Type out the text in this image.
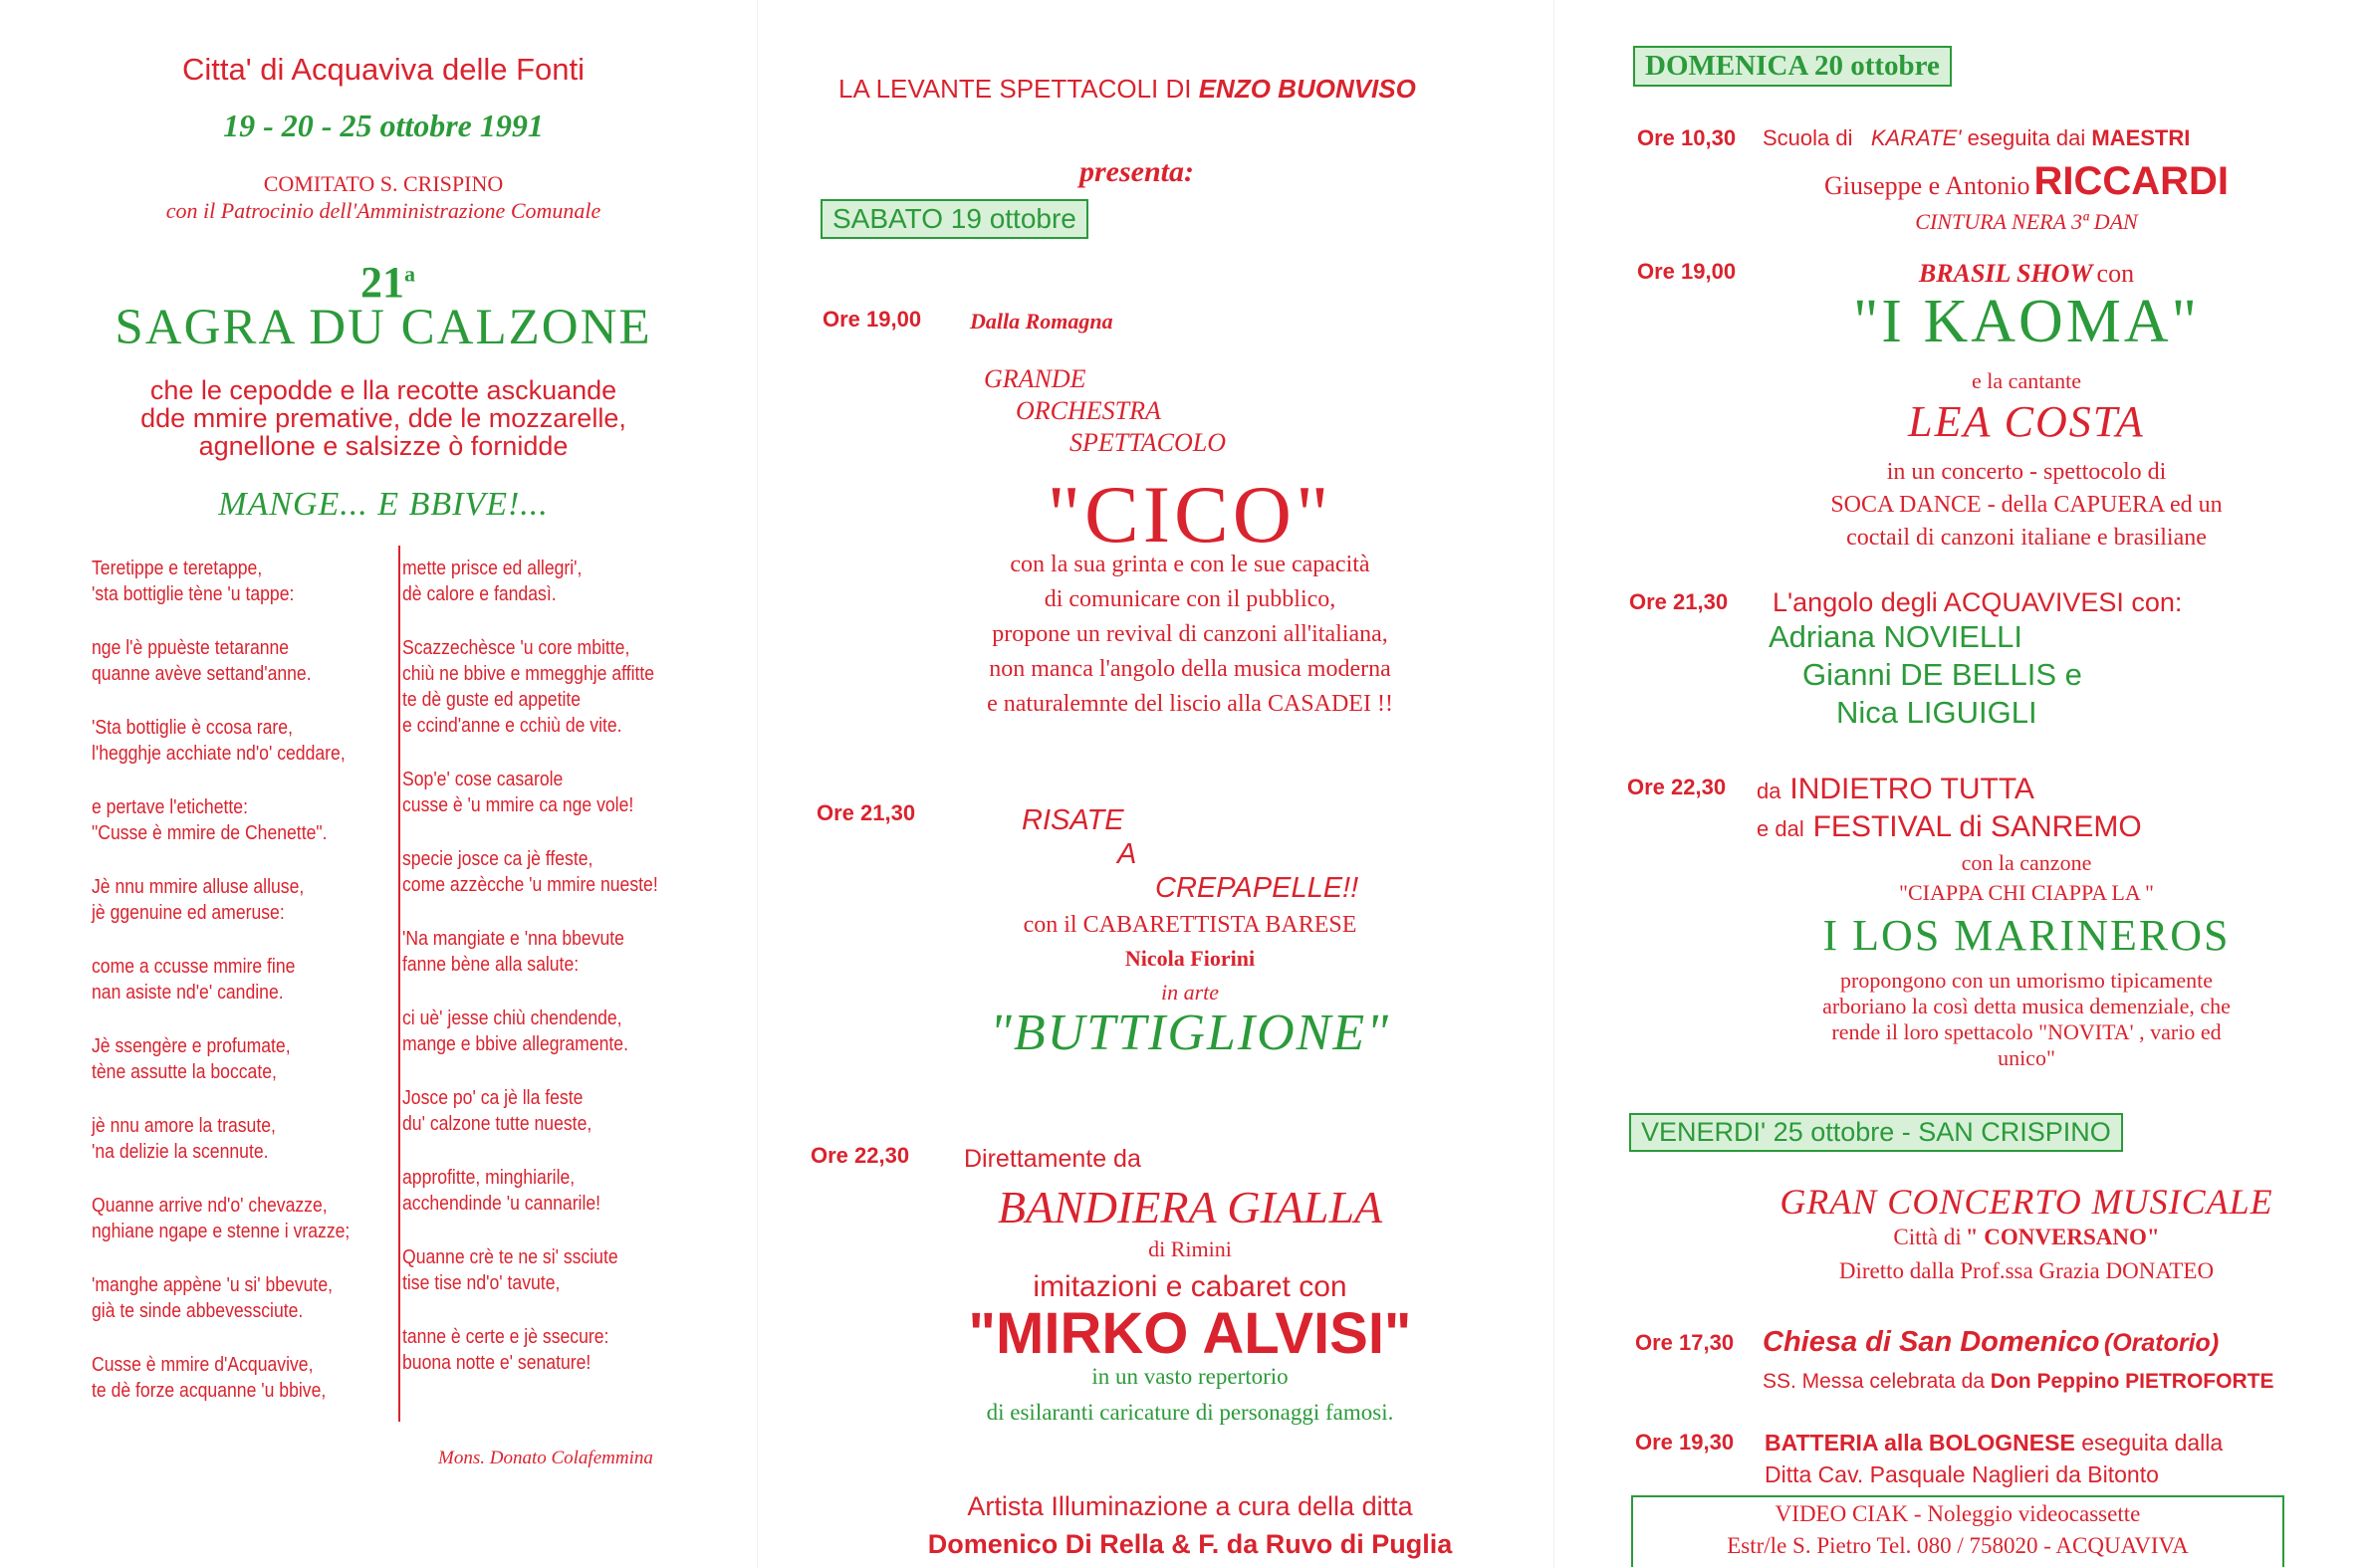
Citta' di Acquaviva delle Fonti
19 - 20 - 25 ottobre 1991
COMITATO S. CRISPINO
con il Patrocinio dell'Amministrazione Comunale
21$^a$
SAGRA DU CALZONE
che le cepodde e lla recotte asckuande
dde mmire premative, dde le mozzarelle,
agnellone e salsizze ò fornidde
MANGE... E BBIVE!...
Teretippe e teretappe,
'sta bottiglie tène 'u tappe:
nge l'è ppuèste tetaranne
quanne avève settand'anne.
'Sta bottiglie è ccosa rare,
l'hegghje acchiate nd'o' ceddare,
e pertave l'etichette:
"Cusse è mmire de Chenette".
Jè nnu mmire alluse alluse,
jè ggenuine ed ameruse:
come a ccusse mmire fine
nan asiste nd'e' candine.
Jè ssengère e profumate,
tène assutte la boccate,
jè nnu amore la trasute,
'na delizie la scennute.
Quanne arrive nd'o' chevazze,
nghiane ngape e stenne i vrazze;
'manghe appène 'u si' bbevute,
già te sinde abbevessciute.
Cusse è mmire d'Acquavive,
te dè forze acquanne 'u bbive,
mette prisce ed allegri',
dè calore e fandasì.
Scazzechèsce 'u core mbitte,
chiù ne bbive e mmegghje affitte
te dè guste ed appetite
e ccind'anne e cchiù de vite.
Sop'e' cose casarole
cusse è 'u mmire ca nge vole!
specie josce ca jè ffeste,
come azzècche 'u mmire nueste!
'Na mangiate e 'nna bbevute
fanne bène alla salute:
ci uè' jesse chiù chendende,
mange e bbive allegramente.
Josce po' ca jè lla feste
du' calzone tutte nueste,
approfitte, minghiarile,
acchendinde 'u cannarile!
Quanne crè te ne si' ssciute
tise tise nd'o' tavute,
tanne è certe e jè ssecure:
buona notte e' senature!
Mons. Donato Colafemmina
LA LEVANTE SPETTACOLI DI ENZO BUONVISO
presenta:
SABATO 19 ottobre
Ore 19,00 Dalla Romagna
GRANDE
ORCHESTRA
SPETTACOLO
"CICO"
con la sua grinta e con le sue capacità
di comunicare con il pubblico,
propone un revival di canzoni all'italiana,
non manca l'angolo della musica moderna
e naturalemnte del liscio alla CASADEI !!
Ore 21,30	RISATE
A
CREPAPELLE!!
con il CABARETTISTA BARESE
Nicola Fiorini
in arte
"BUTTIGLIONE"
Ore 22,30 Direttamente da
BANDIERA GIALLA
di Rimini
imitazioni e cabaret con
"MIRKO ALVISI"
in un vasto repertorio
di esilaranti caricature di personaggi famosi.
Artista Illuminazione a cura della ditta
Domenico Di Rella & F. da Ruvo di Puglia
DOMENICA 20 ottobre
Ore 10,30 Scuola di KARATE' eseguita dai MAESTRI
Giuseppe e Antonio RICCARDI
CINTURA NERA 3ª DAN
Ore 19,00	BRASIL SHOW con
"I KAOMA"
e la cantante
LEA COSTA
in un concerto - spettocolo di
SOCA DANCE - della CAPUERA ed un
coctail di canzoni italiane e brasiliane
Ore 21,30 L'angolo degli ACQUAVIVESI con:
Adriana NOVIELLI
Gianni DE BELLIS e
Nica LIGUIGLI
Ore 22,30 da INDIETRO TUTTA
e dal FESTIVAL di SANREMO
con la canzone
"CIAPPA CHI CIAPPA LA "
I LOS MARINEROS
propongono con un umorismo tipicamente
arboriano la così detta musica demenziale, che
rende il loro spettacolo "NOVITA' , vario ed
unico"
VENERDI' 25 ottobre - SAN CRISPINO
GRAN CONCERTO MUSICALE
Città di " CONVERSANO"
Diretto dalla Prof.ssa Grazia DONATEO
Ore 17,30 Chiesa di San Domenico (Oratorio)
SS. Messa celebrata da Don Peppino PIETROFORTE
Ore 19,30 BATTERIA alla BOLOGNESE eseguita dalla
Ditta Cav. Pasquale Naglieri da Bitonto
VIDEO CIAK - Noleggio videocassette
Estr/le S. Pietro Tel. 080 / 758020 - ACQUAVIVA
